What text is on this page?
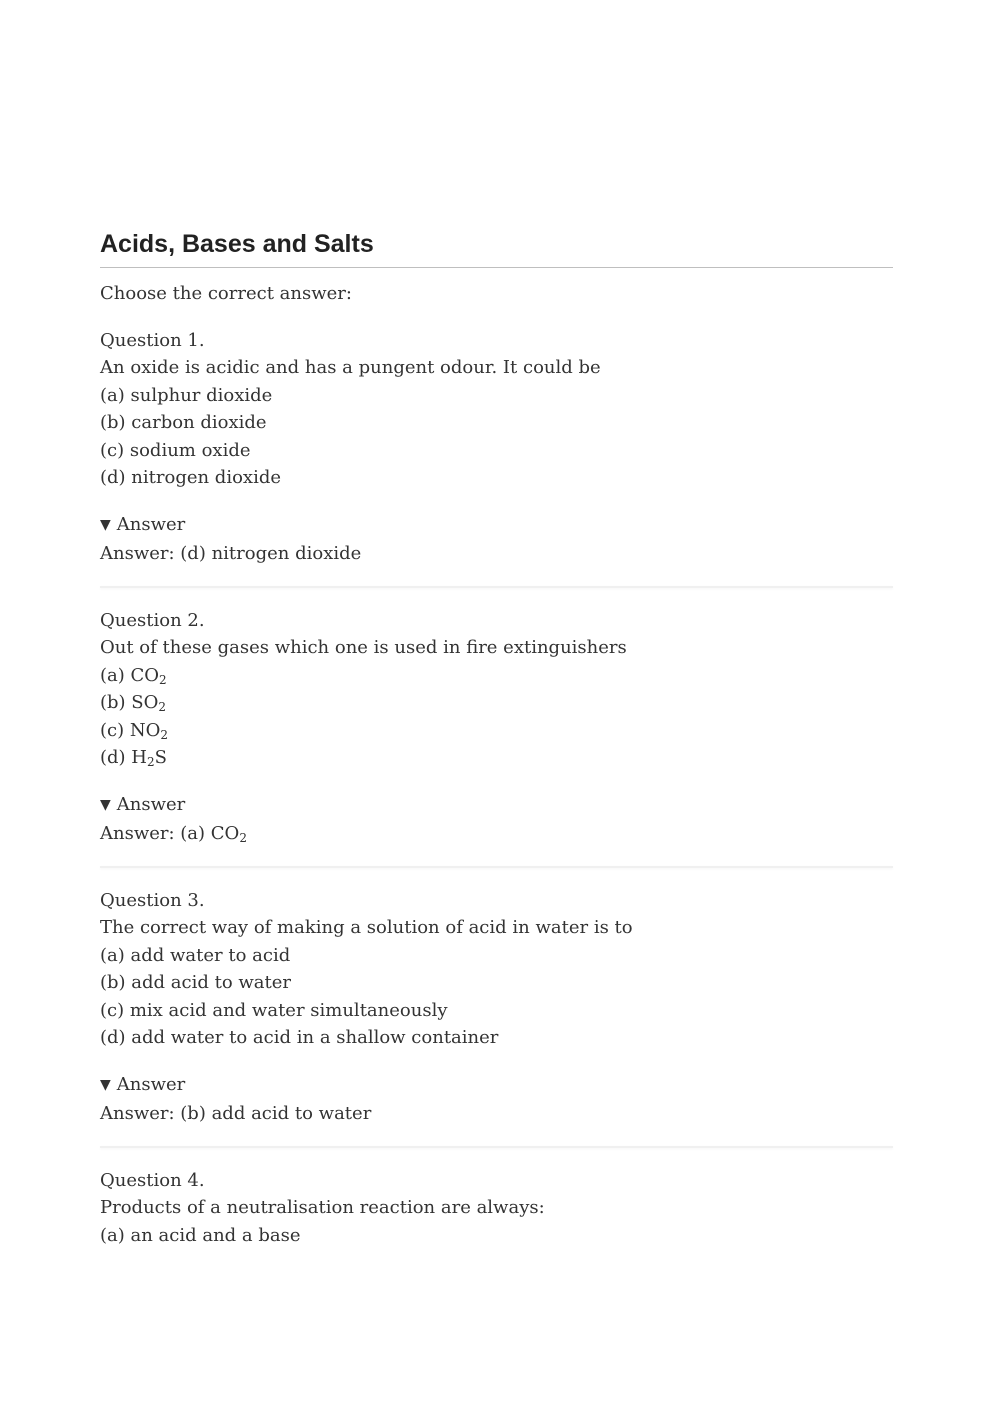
Acids, Bases and Salts
Choose the correct answer:
Question 1.
An oxide is acidic and has a pungent odour. It could be
(a) sulphur dioxide
(b) carbon dioxide
(c) sodium oxide
(d) nitrogen dioxide
▼ Answer
Answer: (d) nitrogen dioxide
Question 2.
Out of these gases which one is used in fire extinguishers
(a) $CO_2$
(b) $SO_2$
(c) $NO_2$
(d) $H_2S$
▼ Answer
Answer: (a) $CO_2$
Question 3.
The correct way of making a solution of acid in water is to
(a) add water to acid
(b) add acid to water
(c) mix acid and water simultaneously
(d) add water to acid in a shallow container
▼ Answer
Answer: (b) add acid to water
Question 4.
Products of a neutralisation reaction are always:
(a) an acid and a base
